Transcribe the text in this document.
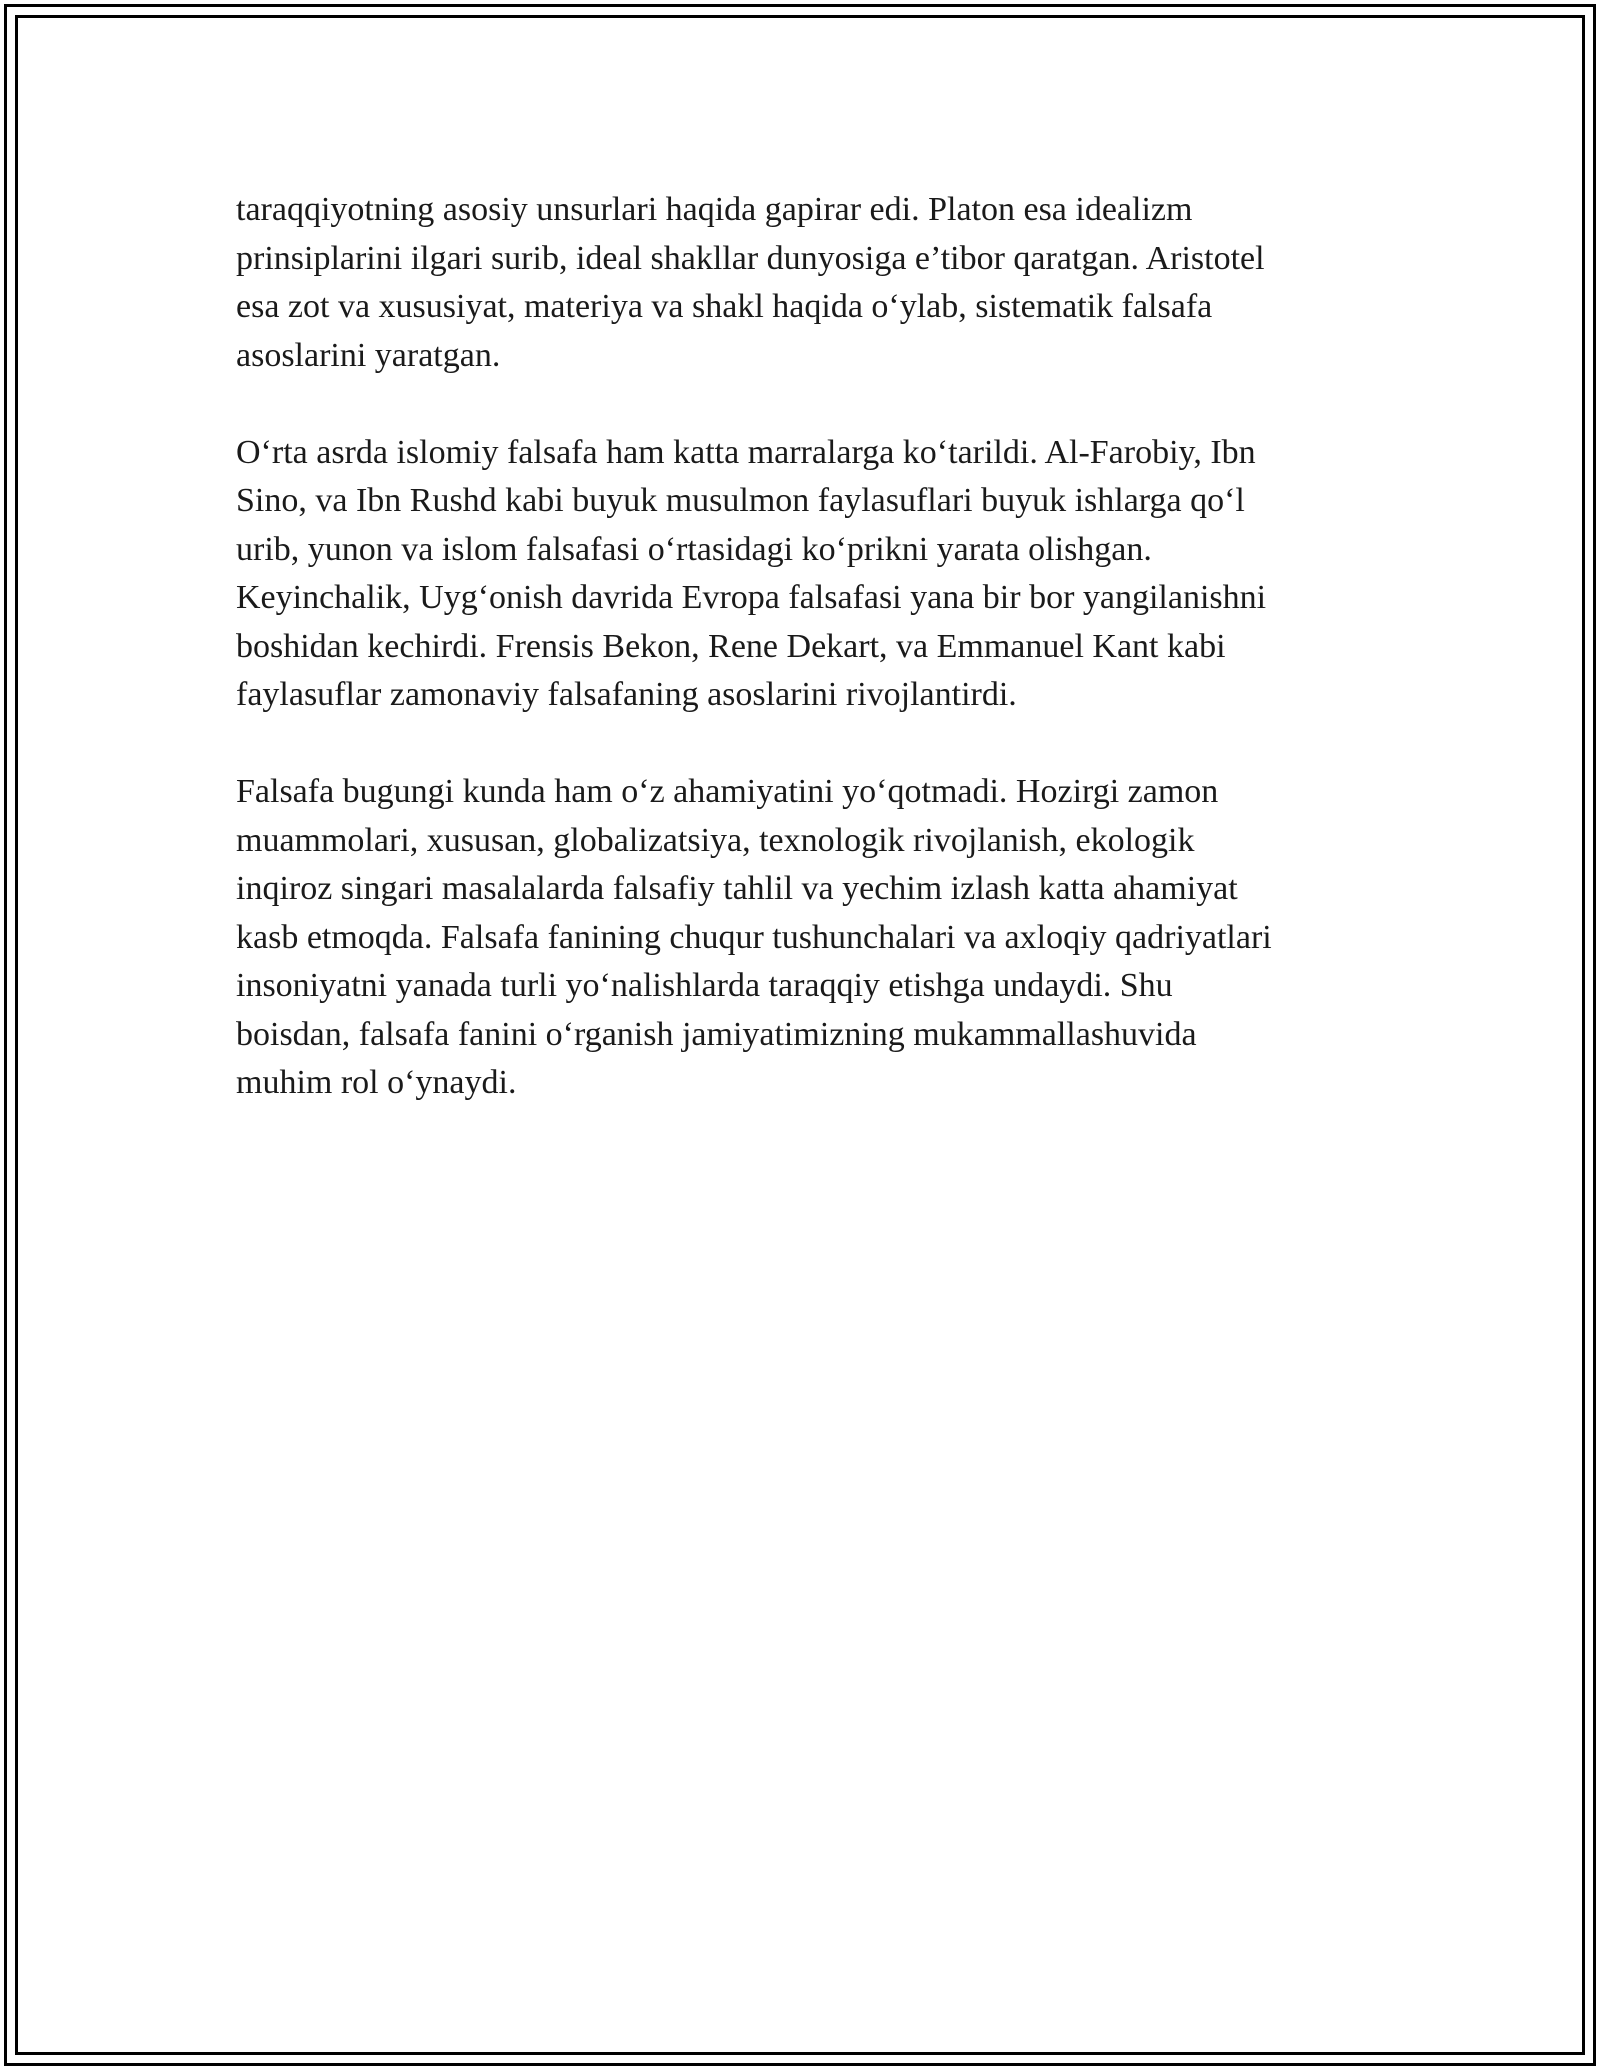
taraqqiyotning asosiy unsurlari haqida gapirar edi. Platon esa idealizm
prinsiplarini ilgari surib, ideal shakllar dunyosiga e’tibor qaratgan. Aristotel
esa zot va xususiyat, materiya va shakl haqida o‘ylab, sistematik falsafa
asoslarini yaratgan.

O‘rta asrda islomiy falsafa ham katta marralarga ko‘tarildi. Al-Farobiy, Ibn
Sino, va Ibn Rushd kabi buyuk musulmon faylasuflari buyuk ishlarga qo‘l
urib, yunon va islom falsafasi o‘rtasidagi ko‘prikni yarata olishgan.
Keyinchalik, Uyg‘onish davrida Evropa falsafasi yana bir bor yangilanishni
boshidan kechirdi. Frensis Bekon, Rene Dekart, va Emmanuel Kant kabi
faylasuflar zamonaviy falsafaning asoslarini rivojlantirdi.

Falsafa bugungi kunda ham o‘z ahamiyatini yo‘qotmadi. Hozirgi zamon
muammolari, xususan, globalizatsiya, texnologik rivojlanish, ekologik
inqiroz singari masalalarda falsafiy tahlil va yechim izlash katta ahamiyat
kasb etmoqda. Falsafa fanining chuqur tushunchalari va axloqiy qadriyatlari
insoniyatni yanada turli yo‘nalishlarda taraqqiy etishga undaydi. Shu
boisdan, falsafa fanini o‘rganish jamiyatimizning mukammallashuvida
muhim rol o‘ynaydi.
